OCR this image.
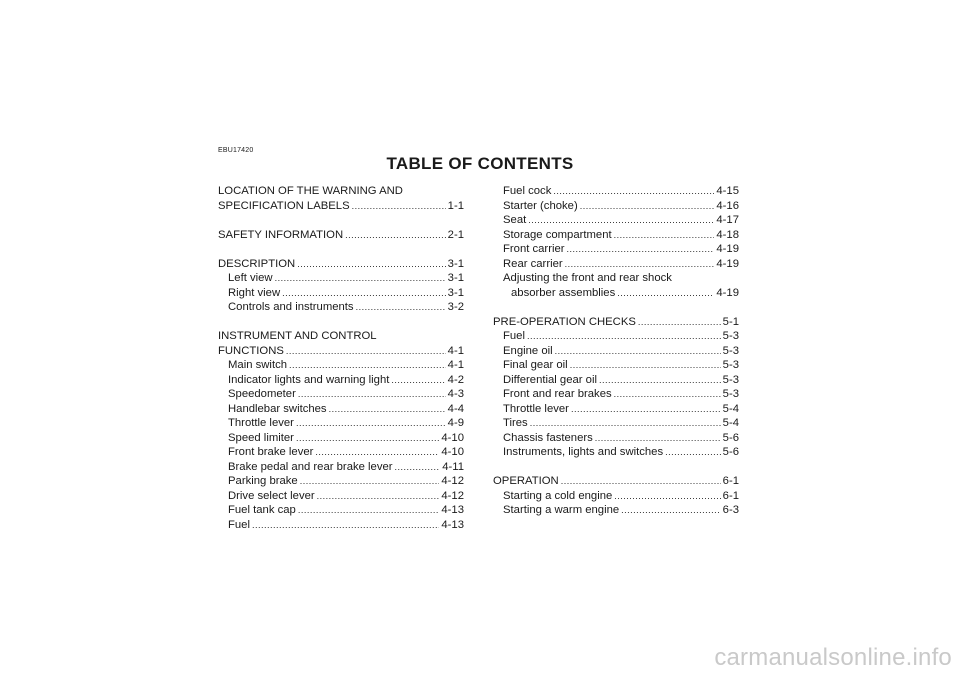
EBU17420
TABLE OF CONTENTS
LOCATION OF THE WARNING AND
SPECIFICATION LABELS .....	1-1
SAFETY INFORMATION .....	2-1
DESCRIPTION .....	3-1
Left view .....	3-1
Right view .....	3-1
Controls and instruments .....	3-2
INSTRUMENT AND CONTROL
FUNCTIONS .....	4-1
Main switch .....	4-1
Indicator lights and warning light .....	4-2
Speedometer .....	4-3
Handlebar switches .....	4-4
Throttle lever .....	4-9
Speed limiter .....	4-10
Front brake lever .....	4-10
Brake pedal and rear brake lever .....	4-11
Parking brake .....	4-12
Drive select lever .....	4-12
Fuel tank cap .....	4-13
Fuel .....	4-13
Fuel cock .....	4-15
Starter (choke) .....	4-16
Seat .....	4-17
Storage compartment .....	4-18
Front carrier .....	4-19
Rear carrier .....	4-19
Adjusting the front and rear shock
absorber assemblies .....	4-19
PRE-OPERATION CHECKS .....	5-1
Fuel .....	5-3
Engine oil .....	5-3
Final gear oil .....	5-3
Differential gear oil .....	5-3
Front and rear brakes .....	5-3
Throttle lever .....	5-4
Tires .....	5-4
Chassis fasteners .....	5-6
Instruments, lights and switches .....	5-6
OPERATION .....	6-1
Starting a cold engine .....	6-1
Starting a warm engine .....	6-3
carmanualsonline.info
